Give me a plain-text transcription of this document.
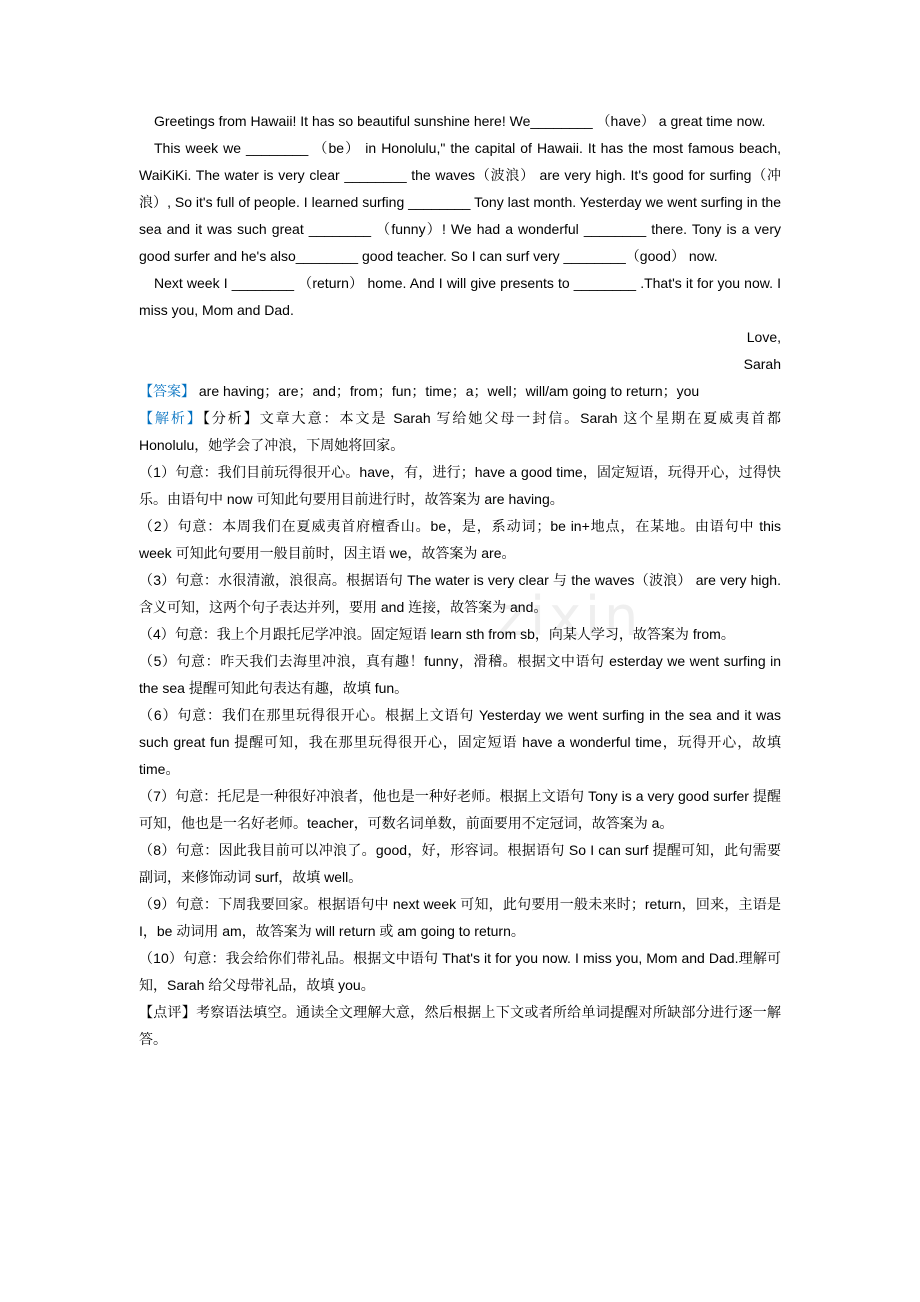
zixin

Greetings from Hawaii! It has so beautiful sunshine here! We________ （have） a great time now.

This week we ________ （be） in Honolulu," the capital of Hawaii. It has the most famous beach, WaiKiKi. The water is very clear ________ the waves（波浪） are very high. It's good for surfing（冲浪）, So it's full of people. I learned surfing ________ Tony last month. Yesterday we went surfing in the sea and it was such great ________ （funny）! We had a wonderful ________ there. Tony is a very good surfer and he's also________ good teacher. So I can surf very ________（good） now.

Next week I ________ （return） home. And I will give presents to ________ .That's it for you now. I miss you, Mom and Dad.

Love,

Sarah

【答案】 are having；are；and；from；fun；time；a；well；will/am going to return；you

【解析】【分析】文章大意：本文是 Sarah 写给她父母一封信。Sarah 这个星期在夏威夷首都 Honolulu，她学会了冲浪，下周她将回家。

（1）句意：我们目前玩得很开心。have，有，进行；have a good time，固定短语，玩得开心，过得快乐。由语句中 now 可知此句要用目前进行时，故答案为 are having。

（2）句意：本周我们在夏威夷首府檀香山。be，是，系动词；be in+地点，在某地。由语句中 this week 可知此句要用一般目前时，因主语 we，故答案为 are。

（3）句意：水很清澈，浪很高。根据语句 The water is very clear 与 the waves（波浪） are very high.含义可知，这两个句子表达并列，要用 and 连接，故答案为 and。

（4）句意：我上个月跟托尼学冲浪。固定短语 learn sth from sb，向某人学习，故答案为 from。

（5）句意：昨天我们去海里冲浪，真有趣！funny，滑稽。根据文中语句 esterday we went surfing in the sea 提醒可知此句表达有趣，故填 fun。

（6）句意：我们在那里玩得很开心。根据上文语句 Yesterday we went surfing in the sea and it was such great fun 提醒可知，我在那里玩得很开心，固定短语 have a wonderful time，玩得开心，故填 time。

（7）句意：托尼是一种很好冲浪者，他也是一种好老师。根据上文语句 Tony is a very good surfer 提醒可知，他也是一名好老师。teacher，可数名词单数，前面要用不定冠词，故答案为 a。

（8）句意：因此我目前可以冲浪了。good，好，形容词。根据语句 So I can surf 提醒可知，此句需要副词，来修饰动词 surf，故填 well。

（9）句意：下周我要回家。根据语句中 next week 可知，此句要用一般未来时；return，回来，主语是 I，be 动词用 am，故答案为 will return 或 am going to return。

（10）句意：我会给你们带礼品。根据文中语句 That's it for you now. I miss you, Mom and Dad.理解可知，Sarah 给父母带礼品，故填 you。

【点评】考察语法填空。通读全文理解大意，然后根据上下文或者所给单词提醒对所缺部分进行逐一解答。
